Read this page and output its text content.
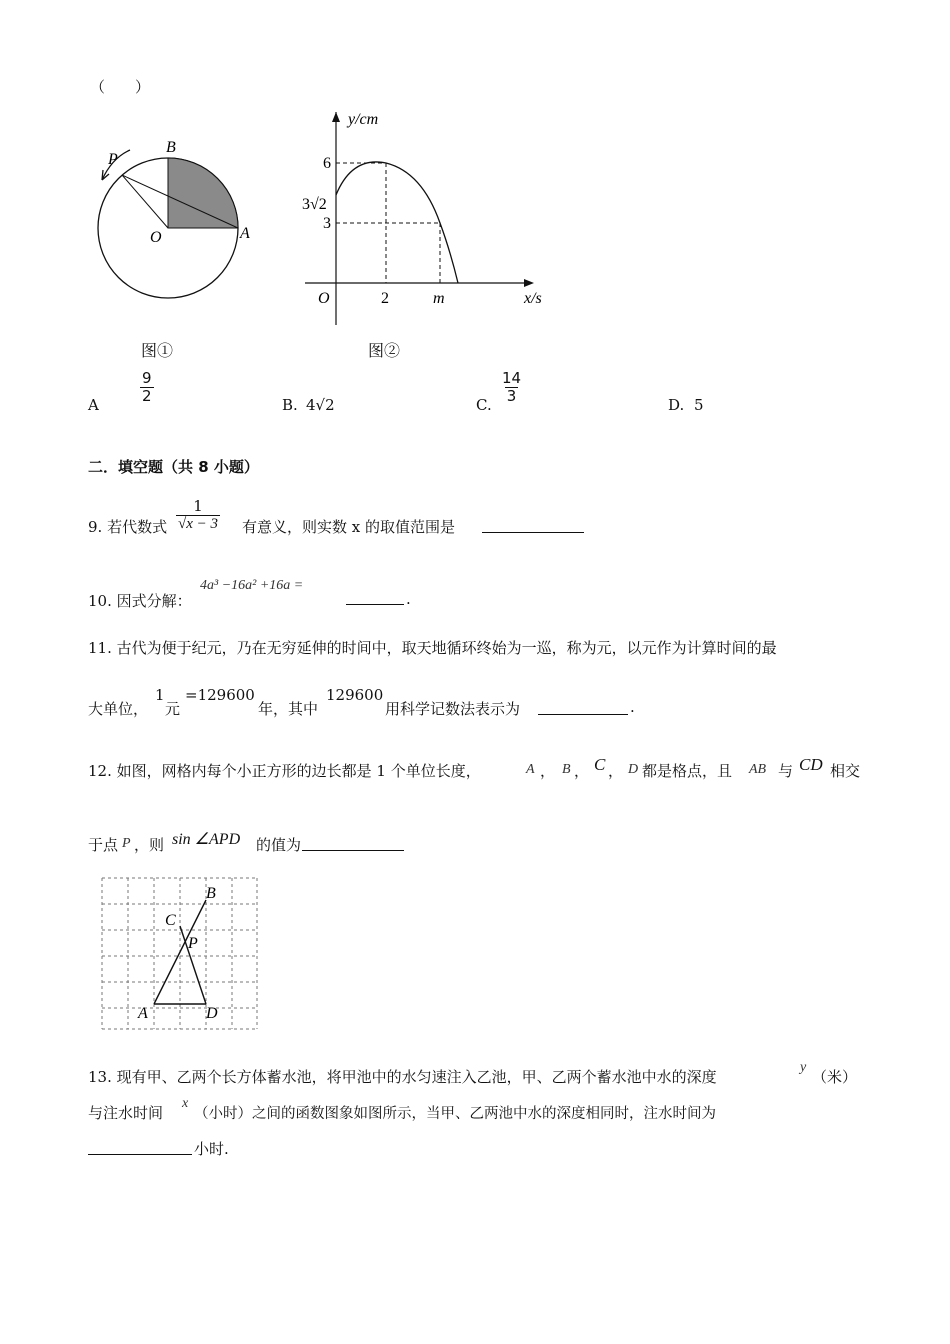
（　　）
B
P
O	A
图①
y/cm
x/s
6
3√2
3
O	2	m
图②
A
$\frac{9}{2}$
B. 4√2	C.
$\frac{14}{3}$
D. 5
二．填空题（共 8 小题）
9. 若代数式 $\frac{1}{√x - 3}$ 有意义，则实数 x 的取值范围是
10. 因式分解：
4a³ −16a² +16a =
.
11. 古代为便于纪元，乃在无穷延伸的时间中，取天地循环终始为一巡，称为元，以元作为计算时间的最
大单位，
1
元
=129600
年，其中
129600
用科学记数法表示为	.
12. 如图，网格内每个小正方形的边长都是 1 个单位长度，	A ， B ， C ， D 都是格点，且 AB 与 CD 相交
于点 P ，则 sin ∠APD 的值为
B
C
P
A	D
13. 现有甲、乙两个长方体蓄水池，将甲池中的水匀速注入乙池，甲、乙两个蓄水池中水的深度
y
（米）
与注水时间
x
（小时）之间的函数图象如图所示，当甲、乙两池中水的深度相同时，注水时间为
小时.
